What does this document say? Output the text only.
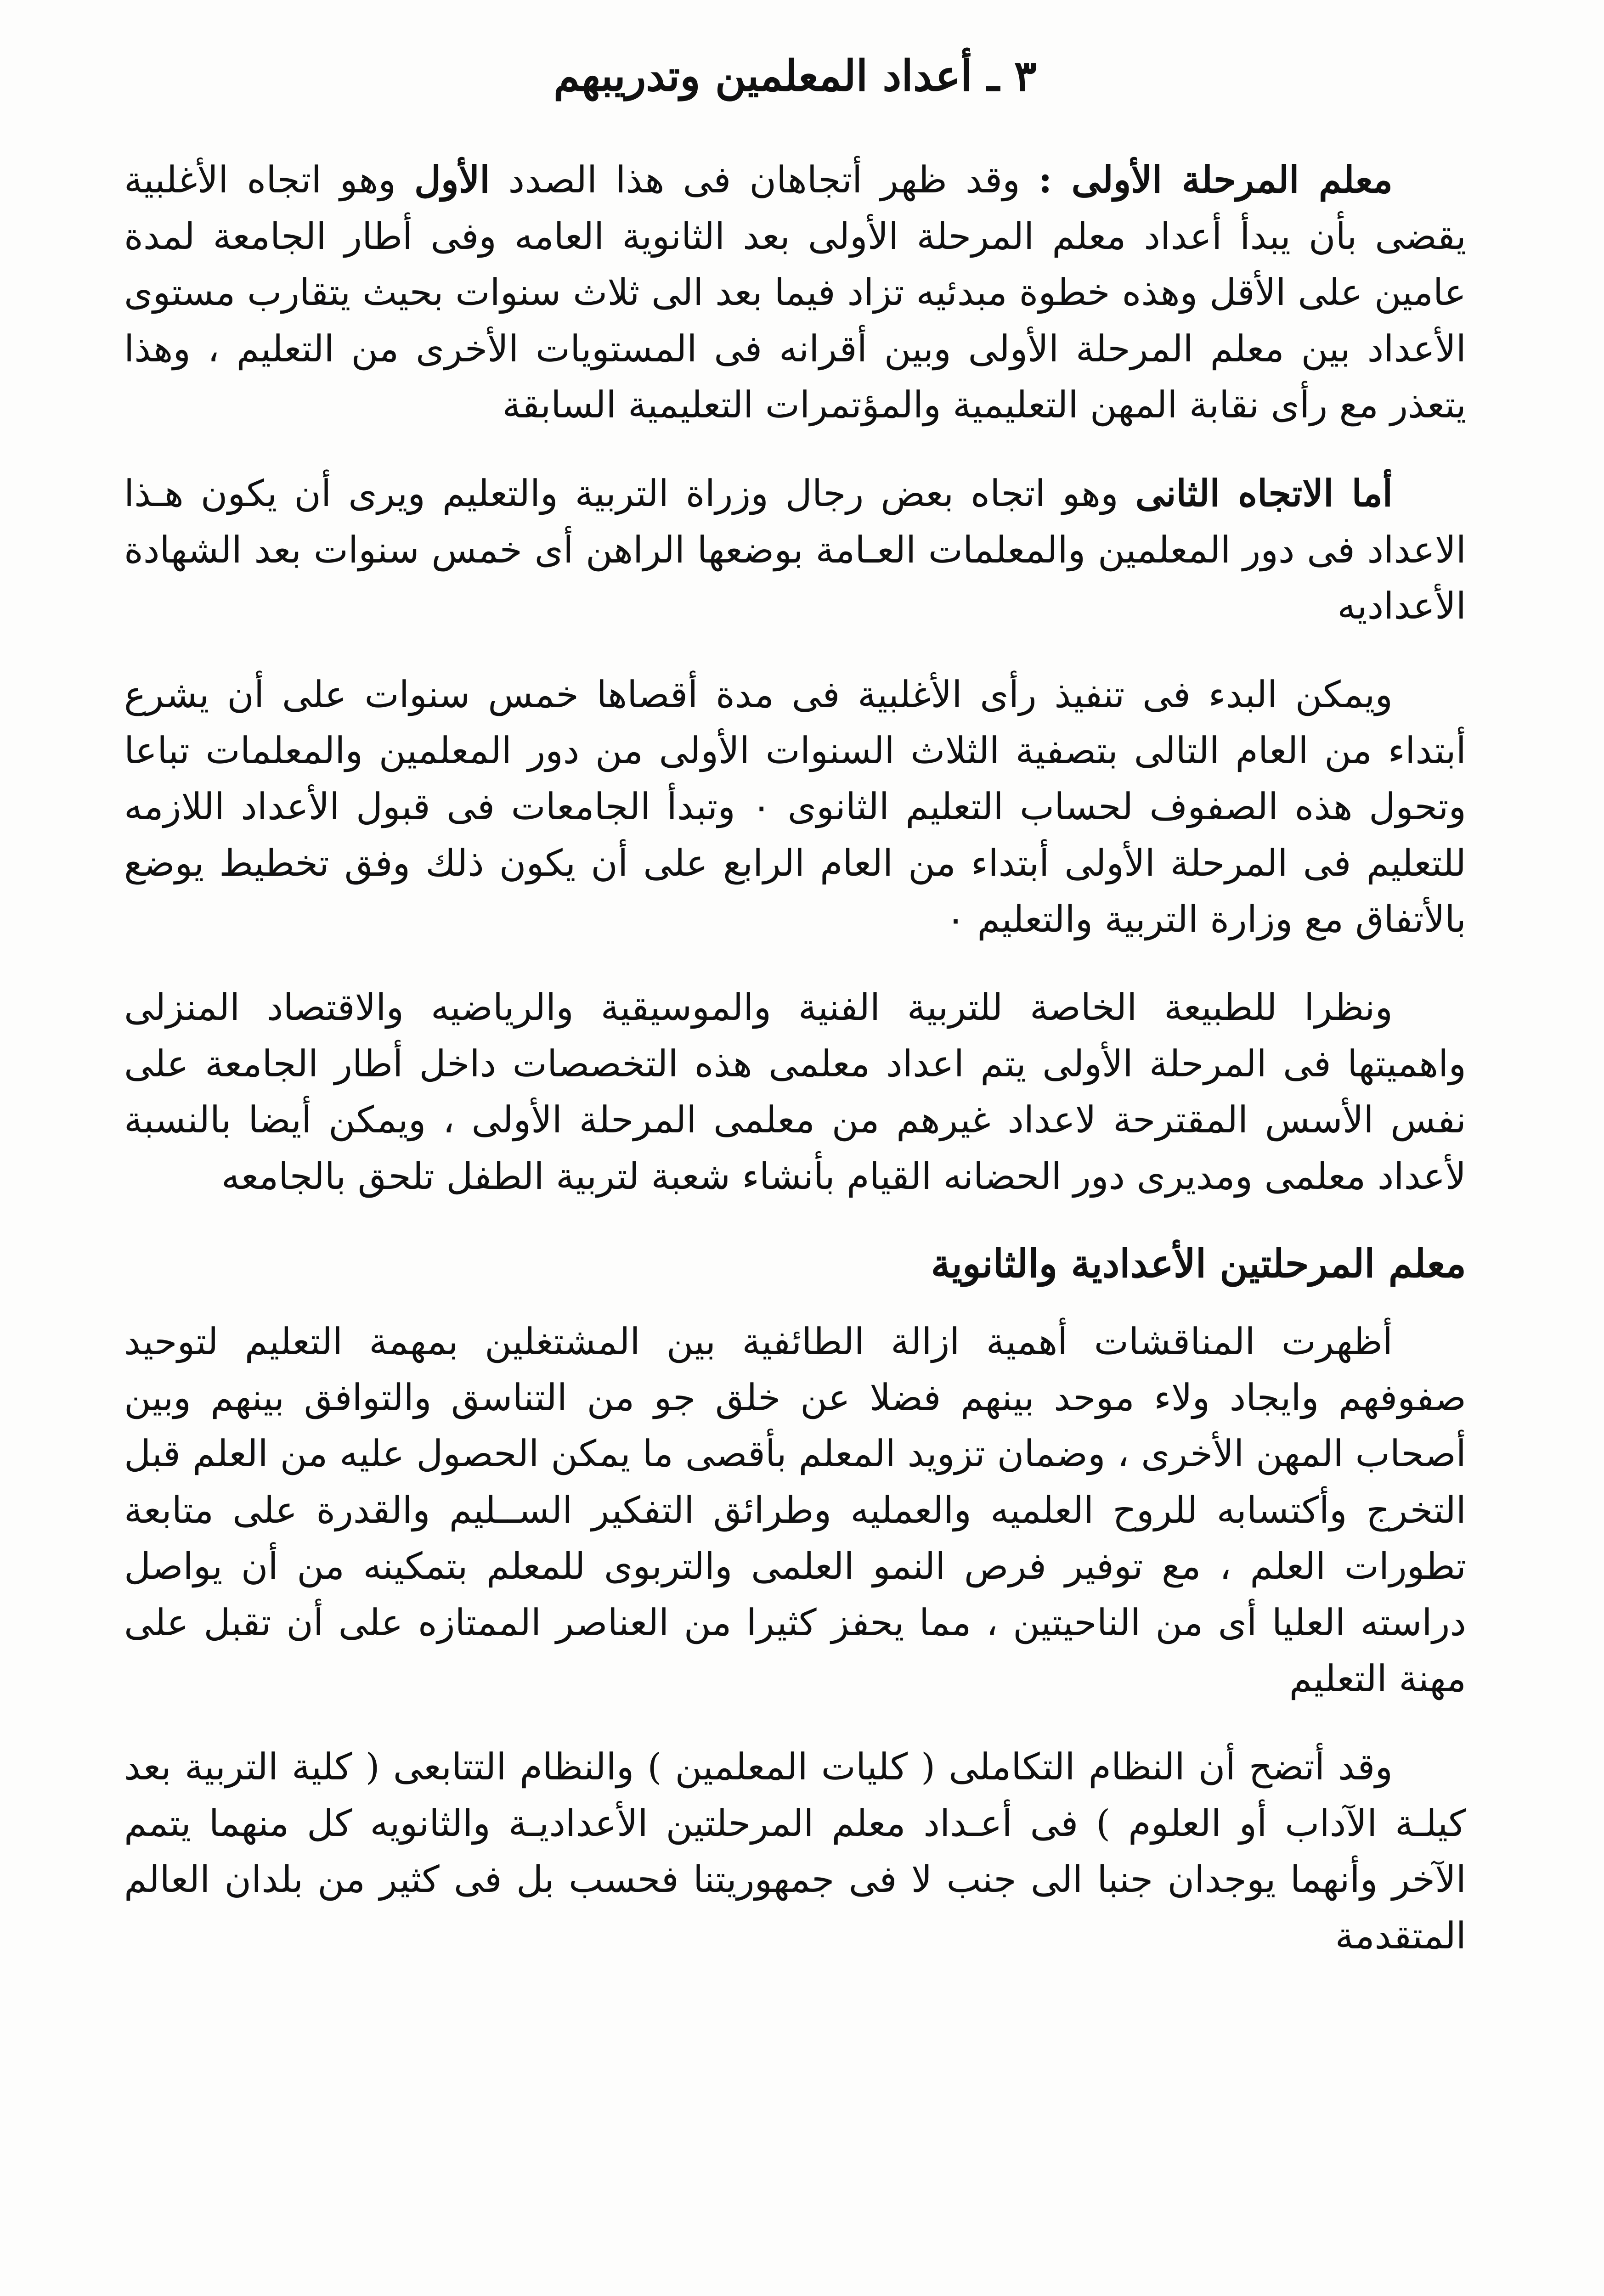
٣ ـ أعداد المعلمين وتدريبهم

معلم المرحلة الأولى : وقد ظهر أتجاهان فى هذا الصدد الأول وهو اتجاه الأغلبية يقضى بأن يبدأ أعداد معلم المرحلة الأولى بعد الثانوية العامه وفى أطار الجامعة لمدة عامين على الأقل وهذه خطوة مبدئيه تزاد فيما بعد الى ثلاث سنوات بحيث يتقارب مستوى الأعداد بين معلم المرحلة الأولى وبين أقرانه فى المستويات الأخرى من التعليم ، وهذا يتعذر مع رأى نقابة المهن التعليمية والمؤتمرات التعليمية السابقة

أما الاتجاه الثانى وهو اتجاه بعض رجال وزراة التربية والتعليم ويرى أن يكون هـذا الاعداد فى دور المعلمين والمعلمات العـامة بوضعها الراهن أى خمس سنوات بعد الشهادة الأعداديه

ويمكن البدء فى تنفيذ رأى الأغلبية فى مدة أقصاها خمس سنوات على أن يشرع أبتداء من العام التالى بتصفية الثلاث السنوات الأولى من دور المعلمين والمعلمات تباعا وتحول هذه الصفوف لحساب التعليم الثانوى ٠ وتبدأ الجامعات فى قبول الأعداد اللازمه للتعليم فى المرحلة الأولى أبتداء من العام الرابع على أن يكون ذلك وفق تخطيط يوضع بالأتفاق مع وزارة التربية والتعليم ٠

ونظرا للطبيعة الخاصة للتربية الفنية والموسيقية والرياضيه والاقتصاد المنزلى واهميتها فى المرحلة الأولى يتم اعداد معلمى هذه التخصصات داخل أطار الجامعة على نفس الأسس المقترحة لاعداد غيرهم من معلمى المرحلة الأولى ، ويمكن أيضا بالنسبة لأعداد معلمى ومديرى دور الحضانه القيام بأنشاء شعبة لتربية الطفل تلحق بالجامعه

معلم المرحلتين الأعدادية والثانوية

أظهرت المناقشات أهمية ازالة الطائفية بين المشتغلين بمهمة التعليم لتوحيد صفوفهم وايجاد ولاء موحد بينهم فضلا عن خلق جو من التناسق والتوافق بينهم وبين أصحاب المهن الأخرى ، وضمان تزويد المعلم بأقصى ما يمكن الحصول عليه من العلم قبل التخرج وأكتسابه للروح العلميه والعمليه وطرائق التفكير الســليم والقدرة على متابعة تطورات العلم ، مع توفير فرص النمو العلمى والتربوى للمعلم بتمكينه من أن يواصل دراسته العليا أى من الناحيتين ، مما يحفز كثيرا من العناصر الممتازه على أن تقبل على مهنة التعليم

وقد أتضح أن النظام التكاملى ( كليات المعلمين ) والنظام التتابعى ( كلية التربية بعد كيلـة الآداب أو العلوم ) فى أعـداد معلم المرحلتين الأعداديـة والثانويه كل منهما يتمم الآخر وأنهما يوجدان جنبا الى جنب لا فى جمهوريتنا فحسب بل فى كثير من بلدان العالم المتقدمة
